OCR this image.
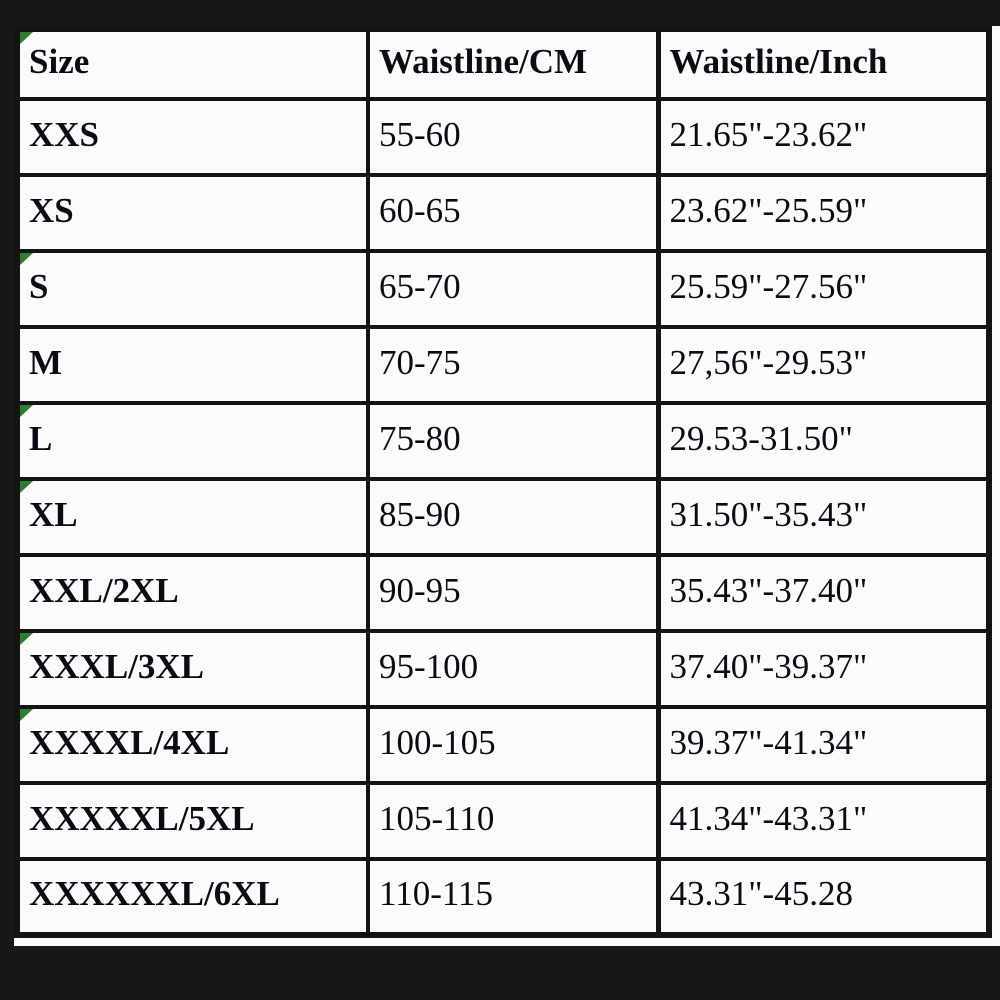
Size	Waistline/CM	Waistline/Inch
XXS	55-60	21.65"-23.62"
XS	60-65	23.62"-25.59"

S	65-70	25.59"-27.56"
M	70-75	27,56"-29.53"

L	75-80	29.53-31.50"

XL	85-90	31.50"-35.43"
XXL/2XL	90-95	35.43"-37.40"

XXXL/3XL	95-100	37.40"-39.37"

XXXXL/4XL	100-105	39.37"-41.34"
XXXXXL/5XL	105-110	41.34"-43.31"
XXXXXXL/6XL	110-115	43.31"-45.28
